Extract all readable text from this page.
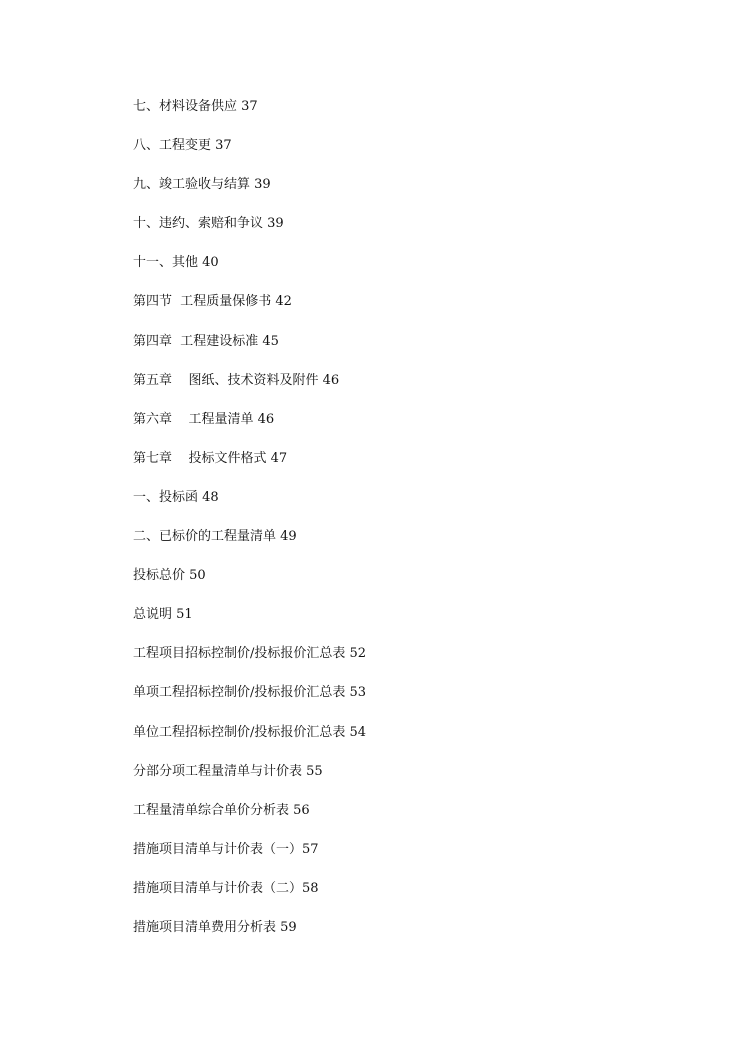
七、材料设备供应 37
八、工程变更 37
九、竣工验收与结算 39
十、违约、索赔和争议 39
十一、其他 40
第四节  工程质量保修书 42
第四章  工程建设标准 45
第五章    图纸、技术资料及附件 46
第六章    工程量清单 46
第七章    投标文件格式 47
一、投标函 48
二、已标价的工程量清单 49
投标总价 50
总说明 51
工程项目招标控制价/投标报价汇总表 52
单项工程招标控制价/投标报价汇总表 53
单位工程招标控制价/投标报价汇总表 54
分部分项工程量清单与计价表 55
工程量清单综合单价分析表 56
措施项目清单与计价表（一）57
措施项目清单与计价表（二）58
措施项目清单费用分析表 59
